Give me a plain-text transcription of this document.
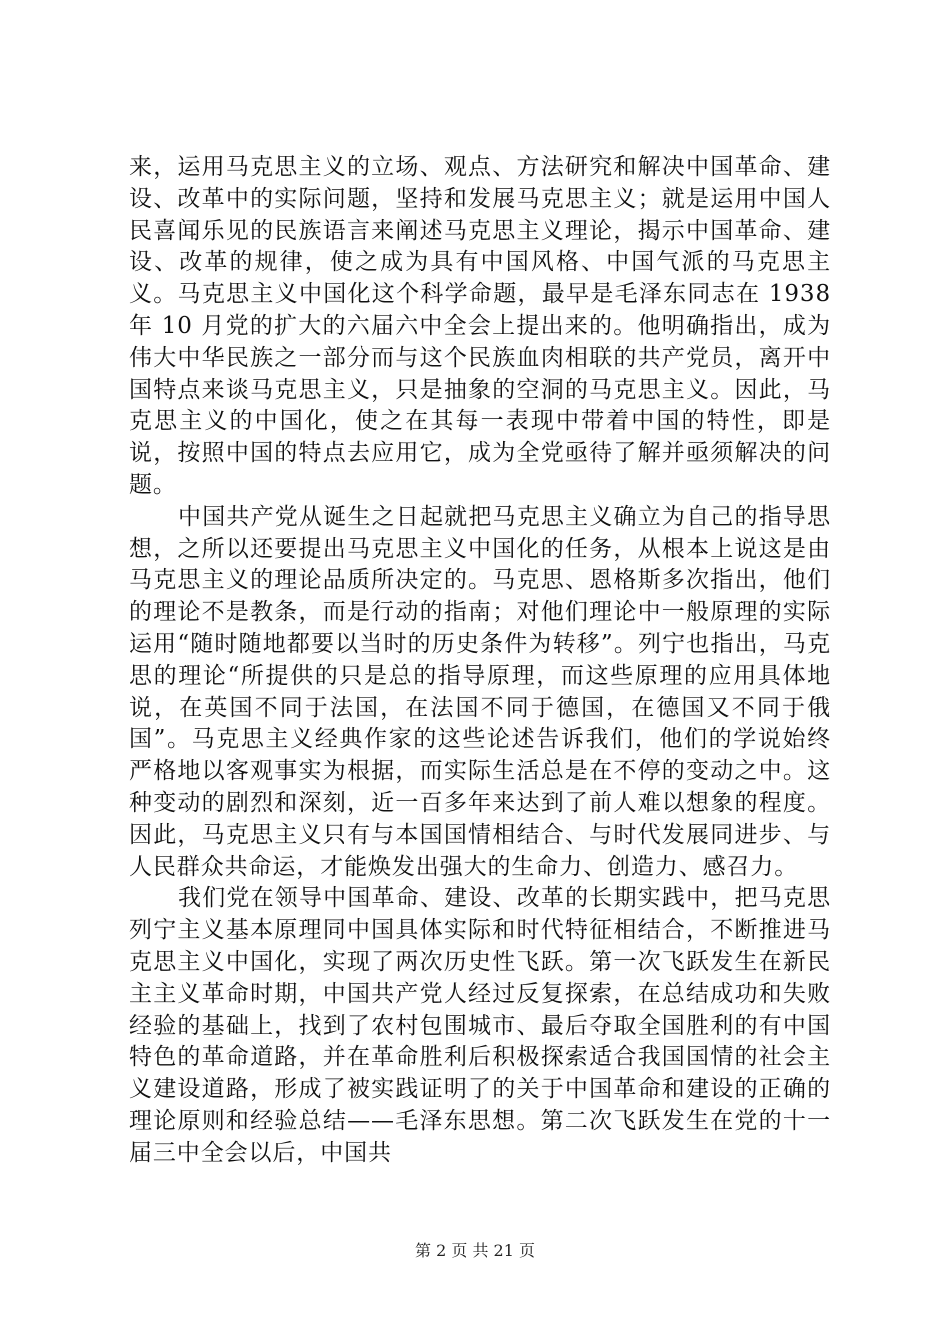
来，运用马克思主义的立场、观点、方法研究和解决中国革命、建设、改革中的实际问题，坚持和发展马克思主义；就是运用中国人民喜闻乐见的民族语言来阐述马克思主义理论，揭示中国革命、建设、改革的规律，使之成为具有中国风格、中国气派的马克思主义。马克思主义中国化这个科学命题，最早是毛泽东同志在 1938 年 10 月党的扩大的六届六中全会上提出来的。他明确指出，成为伟大中华民族之一部分而与这个民族血肉相联的共产党员，离开中国特点来谈马克思主义，只是抽象的空洞的马克思主义。因此，马克思主义的中国化，使之在其每一表现中带着中国的特性，即是说，按照中国的特点去应用它，成为全党亟待了解并亟须解决的问题。

中国共产党从诞生之日起就把马克思主义确立为自己的指导思想，之所以还要提出马克思主义中国化的任务，从根本上说这是由马克思主义的理论品质所决定的。马克思、恩格斯多次指出，他们的理论不是教条，而是行动的指南；对他们理论中一般原理的实际运用“随时随地都要以当时的历史条件为转移”。列宁也指出，马克思的理论“所提供的只是总的指导原理，而这些原理的应用具体地说，在英国不同于法国，在法国不同于德国，在德国又不同于俄国”。马克思主义经典作家的这些论述告诉我们，他们的学说始终严格地以客观事实为根据，而实际生活总是在不停的变动之中。这种变动的剧烈和深刻，近一百多年来达到了前人难以想象的程度。因此，马克思主义只有与本国国情相结合、与时代发展同进步、与人民群众共命运，才能焕发出强大的生命力、创造力、感召力。

我们党在领导中国革命、建设、改革的长期实践中，把马克思列宁主义基本原理同中国具体实际和时代特征相结合，不断推进马克思主义中国化，实现了两次历史性飞跃。第一次飞跃发生在新民主主义革命时期，中国共产党人经过反复探索，在总结成功和失败经验的基础上，找到了农村包围城市、最后夺取全国胜利的有中国特色的革命道路，并在革命胜利后积极探索适合我国国情的社会主义建设道路，形成了被实践证明了的关于中国革命和建设的正确的理论原则和经验总结——毛泽东思想。第二次飞跃发生在党的十一届三中全会以后，中国共

第 2 页 共 21 页
